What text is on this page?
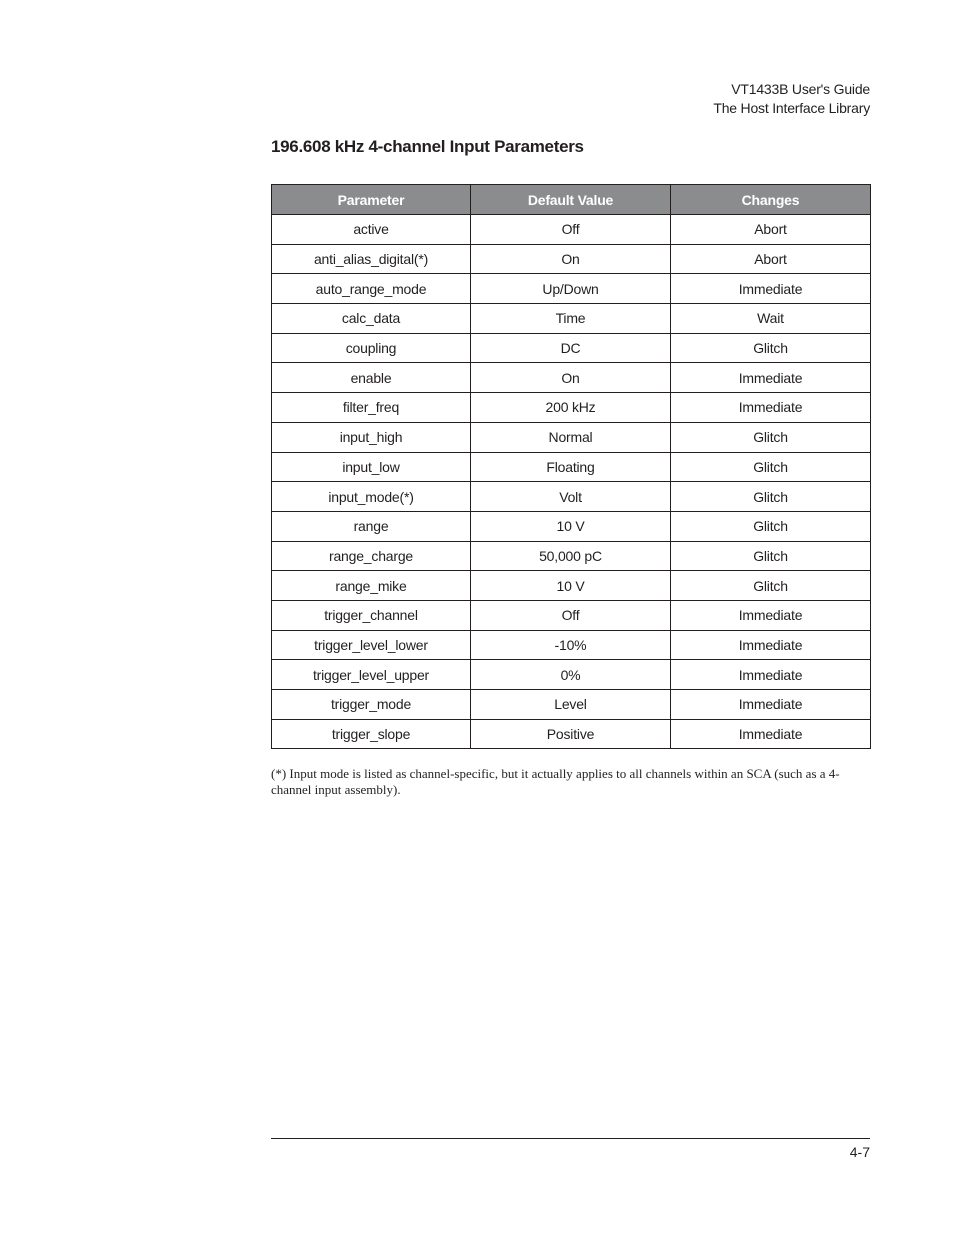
VT1433B User's Guide
The Host Interface Library
196.608 kHz 4-channel Input Parameters
Parameter	Default Value	Changes
active	Off	Abort
anti_alias_digital(*)	On	Abort
auto_range_mode	Up/Down	Immediate
calc_data	Time	Wait
coupling	DC	Glitch
enable	On	Immediate
filter_freq	200 kHz	Immediate
input_high	Normal	Glitch
input_low	Floating	Glitch
input_mode(*)	Volt	Glitch
range	10 V	Glitch
range_charge	50,000 pC	Glitch
range_mike	10 V	Glitch
trigger_channel	Off	Immediate
trigger_level_lower	-10%	Immediate
trigger_level_upper	0%	Immediate
trigger_mode	Level	Immediate
trigger_slope	Positive	Immediate

(*) Input mode is listed as channel-specific, but it actually applies to all channels within an SCA (such as a 4-channel input assembly).

4-7
